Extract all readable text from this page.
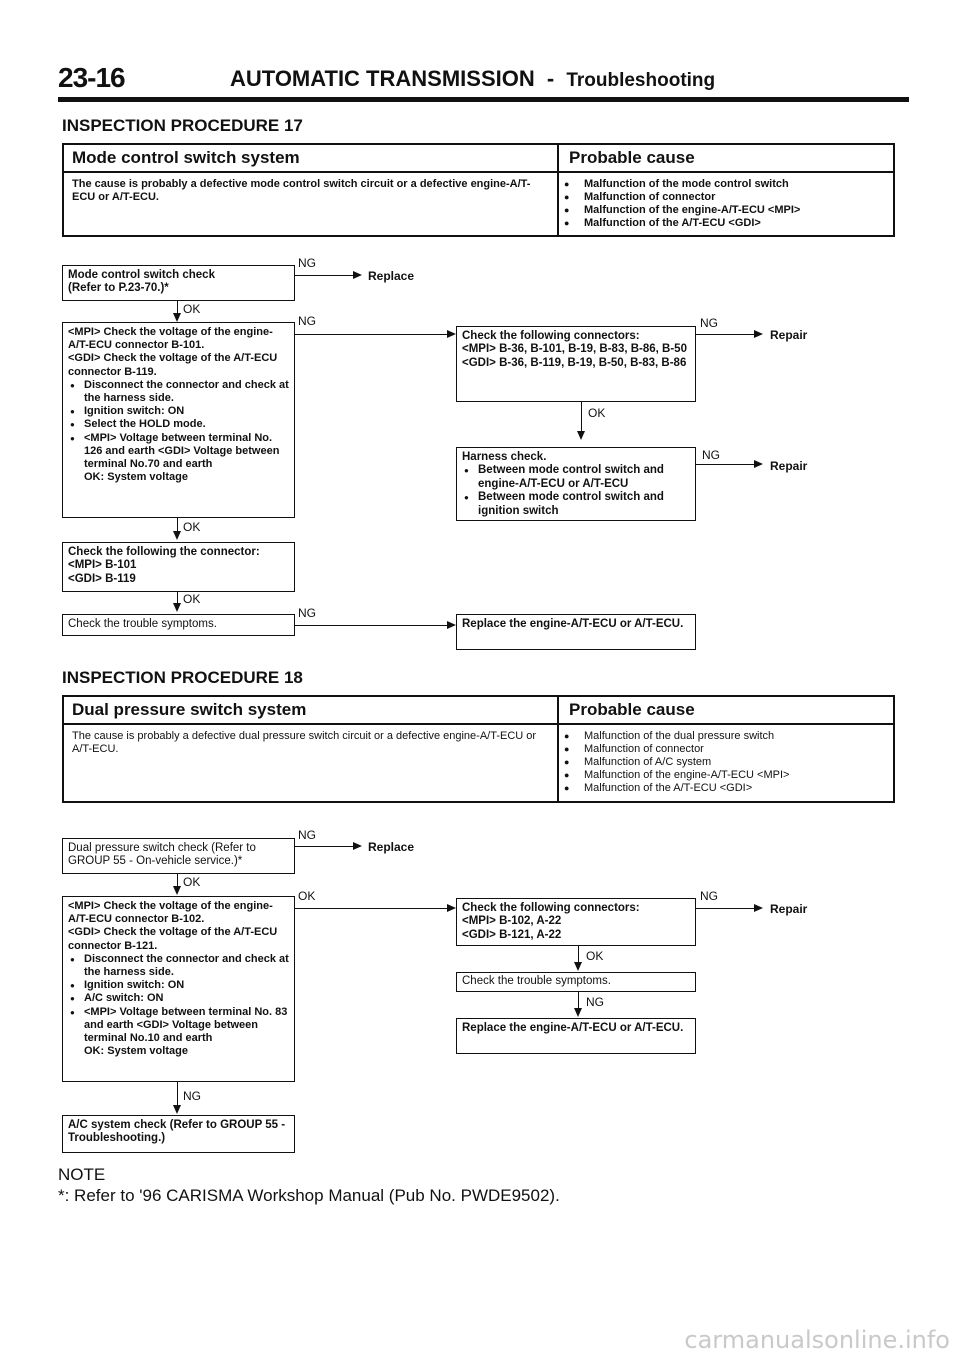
23-16	AUTOMATIC TRANSMISSION - Troubleshooting
INSPECTION PROCEDURE 17
Mode control switch system	Probable cause
The cause is probably a defective mode control switch circuit or a defective engine-A/T-ECU or A/T-ECU.
● Malfunction of the mode control switch
● Malfunction of connector
● Malfunction of the engine-A/T-ECU <MPI>
● Malfunction of the A/T-ECU <GDI>
Mode control switch check
(Refer to P.23-70.)*
NG
Replace
OK
<MPI> Check the voltage of the engine-A/T-ECU connector B-101.
<GDI> Check the voltage of the A/T-ECU connector B-119.
● Disconnect the connector and check at the harness side.
● Ignition switch: ON
● Select the HOLD mode.
● <MPI> Voltage between terminal No. 126 and earth <GDI> Voltage between terminal No.70 and earth
OK: System voltage
NG
Check the following connectors:
<MPI> B-36, B-101, B-19, B-83, B-86, B-50
<GDI> B-36, B-119, B-19, B-50, B-83, B-86
NG
Repair
OK
Harness check.
● Between mode control switch and engine-A/T-ECU or A/T-ECU
● Between mode control switch and ignition switch
NG
Repair
OK
Check the following the connector:
<MPI> B-101
<GDI> B-119
OK
Check the trouble symptoms.
NG
Replace the engine-A/T-ECU or A/T-ECU.
INSPECTION PROCEDURE 18
Dual pressure switch system	Probable cause
The cause is probably a defective dual pressure switch circuit or a defective engine-A/T-ECU or A/T-ECU.
● Malfunction of the dual pressure switch
● Malfunction of connector
● Malfunction of A/C system
● Malfunction of the engine-A/T-ECU <MPI>
● Malfunction of the A/T-ECU <GDI>
Dual pressure switch check (Refer to
GROUP 55 - On-vehicle service.)*
NG
Replace
OK
<MPI> Check the voltage of the engine-A/T-ECU connector B-102.
<GDI> Check the voltage of the A/T-ECU connector B-121.
● Disconnect the connector and check at the harness side.
● Ignition switch: ON
● A/C switch: ON
● <MPI> Voltage between terminal No. 83 and earth <GDI> Voltage between terminal No.10 and earth
OK: System voltage
OK
Check the following connectors:
<MPI> B-102, A-22
<GDI> B-121, A-22
NG
Repair
OK
Check the trouble symptoms.
NG
Replace the engine-A/T-ECU or A/T-ECU.
NG
A/C system check (Refer to GROUP 55 - Troubleshooting.)
NOTE
*: Refer to '96 CARISMA Workshop Manual (Pub No. PWDE9502).
carmanualsonline.info
